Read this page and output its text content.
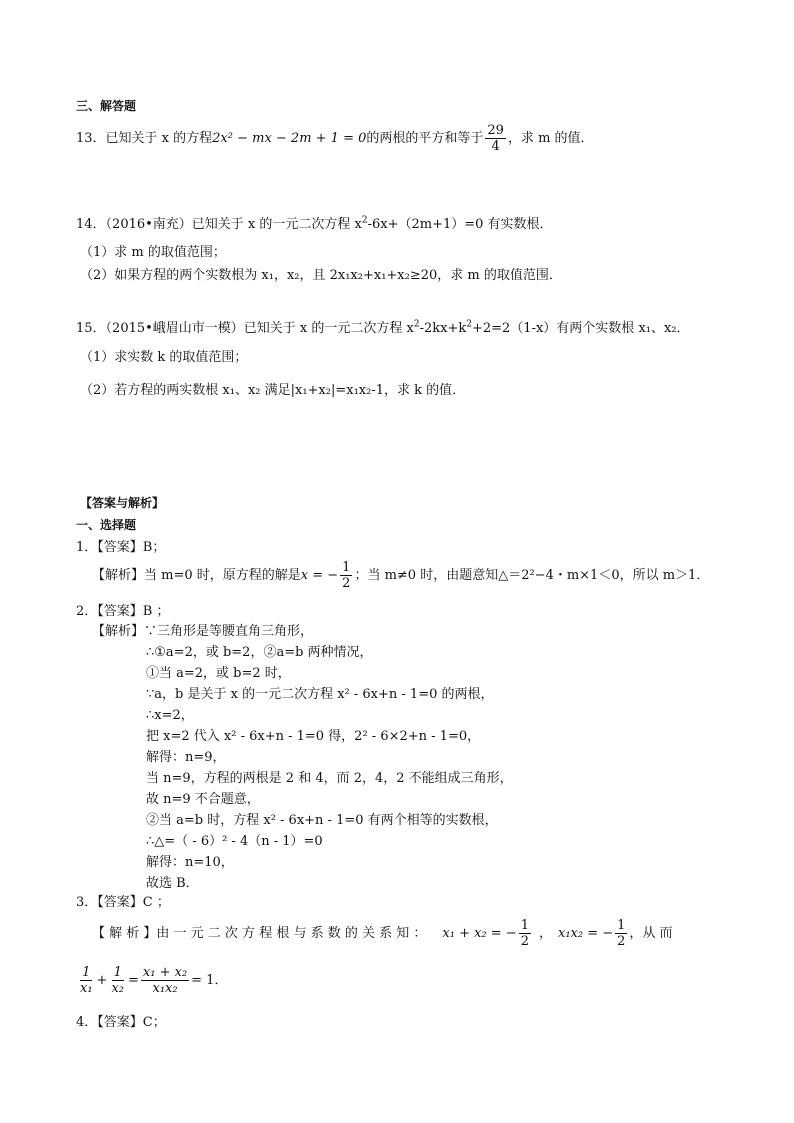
三、解答题
13．已知关于 x 的方程 2x² − mx − 2m + 1 = 0 的两根的平方和等于 $\frac{29}{4}$ ，求 m 的值．
14．（2016•南充）已知关于 x 的一元二次方程 $x^2-6x+(2m+1)=0$ 有实数根．
（1）求 m 的取值范围；
（2）如果方程的两个实数根为 x₁，x₂，且 2x₁x₂+x₁+x₂≥20，求 m 的取值范围．
15．（2015•峨眉山市一模）已知关于 x 的一元二次方程 $x^2-2kx+k^2+2=2(1-x)$有两个实数根 x₁、x₂．
（1）求实数 k 的取值范围；
（2）若方程的两实数根 x₁、x₂ 满足|x₁+x₂|=x₁x₂-1，求 k 的值．
【答案与解析】
一、选择题
1．【答案】B；
【解析】当 m=0 时，原方程的解是 x = − $\frac{1}{2}$ ；当 m≠0 时，由题意知△＝2²−4・m×1＜0，所以 m＞1．
2．【答案】B ；
【解析】∵三角形是等腰直角三角形，
∴①a=2，或 b=2，②a=b 两种情况，
①当 a=2，或 b=2 时，
∵a，b 是关于 x 的一元二次方程 x² - 6x+n - 1=0 的两根，
∴x=2，
把 x=2 代入 x² - 6x+n - 1=0 得，2² - 6×2+n - 1=0，
解得：n=9，
当 n=9，方程的两根是 2 和 4，而 2，4，2 不能组成三角形，
故 n=9 不合题意，
②当 a=b 时，方程 x² - 6x+n - 1=0 有两个相等的实数根，
∴△=（ - 6）² - 4（n - 1）=0
解得：n=10，
故选 B．
3．【答案】C ；
【 解 析 】由 一 元 二 次 方 程 根 与 系 数 的 关 系 知 ： x₁ + x₂ = − $\frac{1}{2}$ ， x₁x₂ = − $\frac{1}{2}$ ，从 而
$\frac{1}{\text{x₁}} + \frac{1}{\text{x₂}} = \frac{\text{x₁ + x₂}}{\text{x₁x₂}} = 1$．
4．【答案】C；
